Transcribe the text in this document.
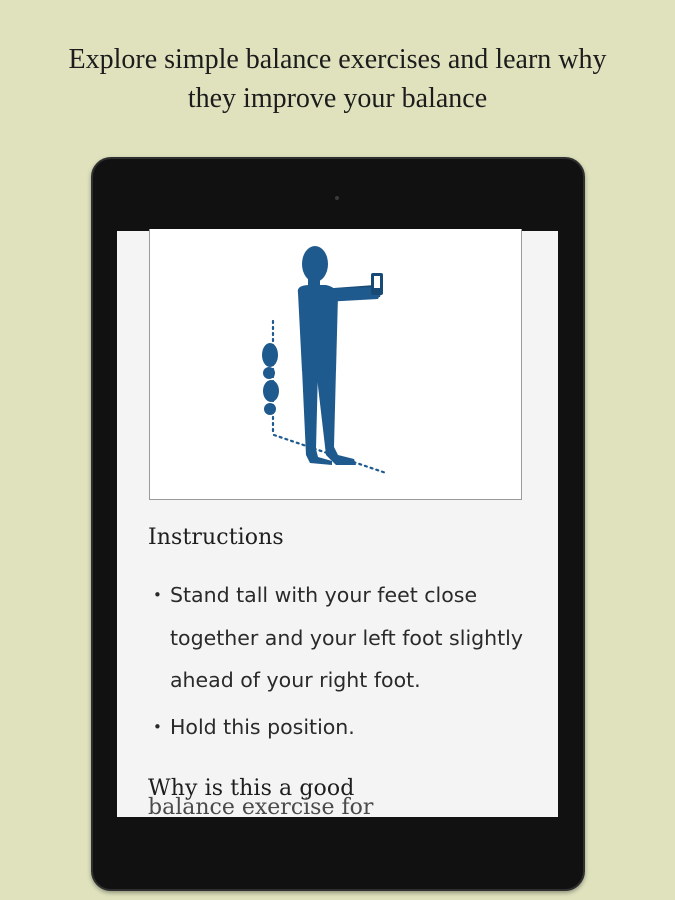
Explore simple balance exercises and learn why
they improve your balance
Instructions
• Stand tall with your feet close together and your left foot slightly ahead of your right foot.
• Hold this position.
Why is this a good
balance exercise for
